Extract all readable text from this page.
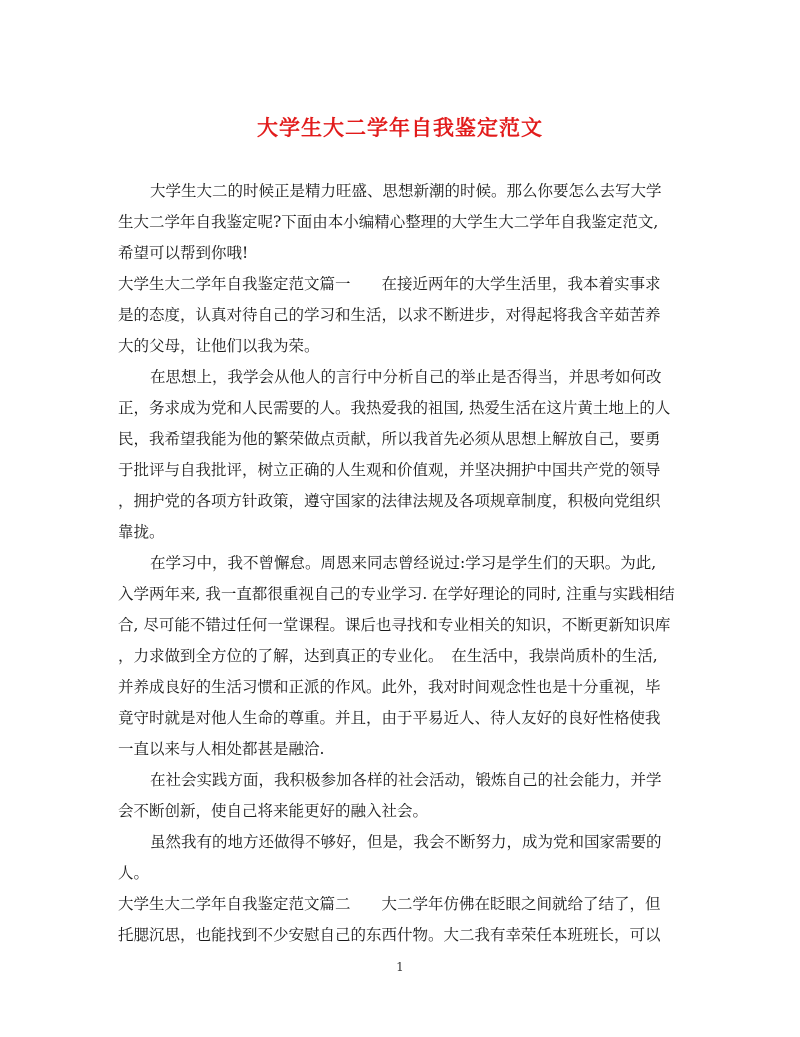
大学生大二学年自我鉴定范文
大学生大二的时候正是精力旺盛、思想新潮的时候。那么你要怎么去写大学
生大二学年自我鉴定呢?下面由本小编精心整理的大学生大二学年自我鉴定范文,
希望可以帮到你哦!
大学生大二学年自我鉴定范文篇一　　在接近两年的大学生活里，我本着实事求
是的态度，认真对待自己的学习和生活，以求不断进步，对得起将我含辛茹苦养
大的父母，让他们以我为荣。
在思想上，我学会从他人的言行中分析自己的举止是否得当，并思考如何改
正，务求成为党和人民需要的人。我热爱我的祖国, 热爱生活在这片黄土地上的人
民，我希望我能为他的繁荣做点贡献，所以我首先必须从思想上解放自己，要勇
于批评与自我批评，树立正确的人生观和价值观，并坚决拥护中国共产党的领导
，拥护党的各项方针政策，遵守国家的法律法规及各项规章制度，积极向党组织
靠拢。
在学习中，我不曾懈怠。周恩来同志曾经说过:学习是学生们的天职。为此,
入学两年来, 我一直都很重视自己的专业学习. 在学好理论的同时, 注重与实践相结
合, 尽可能不错过任何一堂课程。课后也寻找和专业相关的知识，不断更新知识库
，力求做到全方位的了解，达到真正的专业化。　在生活中，我崇尚质朴的生活,
并养成良好的生活习惯和正派的作风。此外，我对时间观念性也是十分重视，毕
竟守时就是对他人生命的尊重。并且，由于平易近人、待人友好的良好性格使我
一直以来与人相处都甚是融洽.
在社会实践方面，我积极参加各样的社会活动，锻炼自己的社会能力，并学
会不断创新，使自己将来能更好的融入社会。
虽然我有的地方还做得不够好，但是，我会不断努力，成为党和国家需要的
人。
大学生大二学年自我鉴定范文篇二　　大二学年仿佛在眨眼之间就给了结了，但
托腮沉思，也能找到不少安慰自己的东西什物。大二我有幸荣任本班班长，可以
1
